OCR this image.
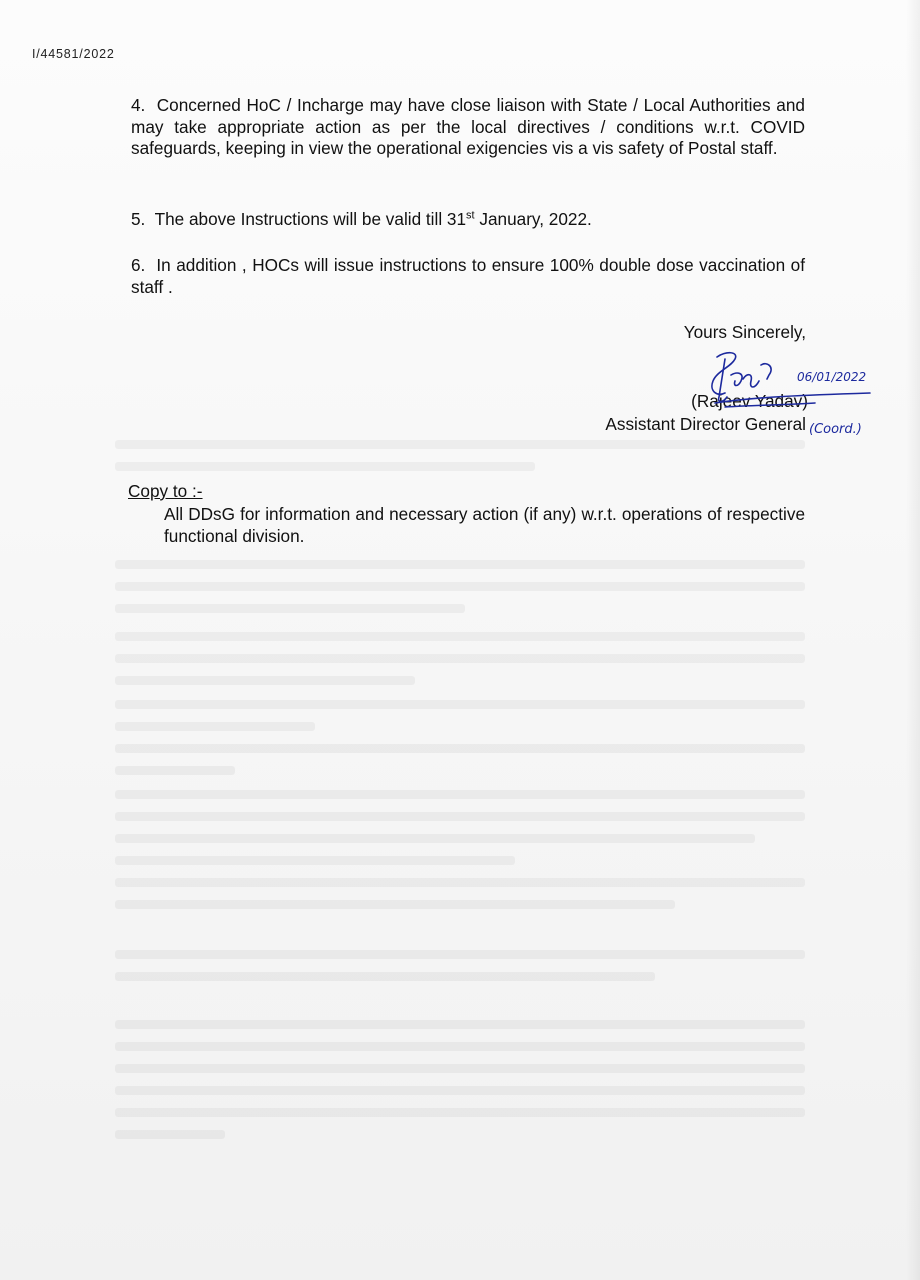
I/44581/2022

4. Concerned HoC / Incharge may have close liaison with State / Local Authorities and may take appropriate action as per the local directives / conditions w.r.t. COVID safeguards, keeping in view the operational exigencies vis a vis safety of Postal staff.

5. The above Instructions will be valid till 31st January, 2022.

6. In addition , HOCs will issue instructions to ensure 100% double dose vaccination of staff .

Yours Sincerely,
(Rajeev Yadav)
Assistant Director General
06/01/2022
(Coord.)
Copy to :-

All DDsG for information and necessary action (if any) w.r.t. operations of respective functional division.
